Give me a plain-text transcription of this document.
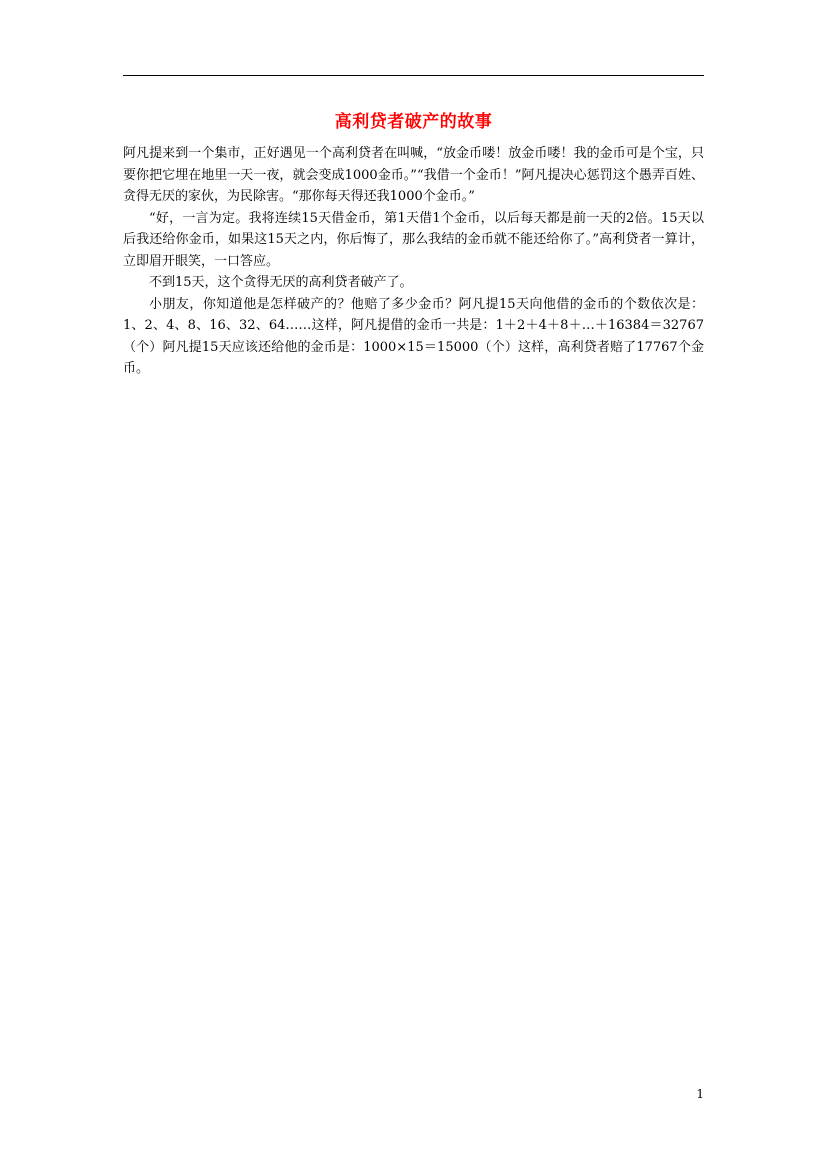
高利贷者破产的故事

阿凡提来到一个集市，正好遇见一个高利贷者在叫喊，“放金币喽！放金币喽！我的金币可是个宝，只要你把它埋在地里一天一夜，就会变成1000金币。”“我借一个金币！”阿凡提决心惩罚这个愚弄百姓、贪得无厌的家伙，为民除害。“那你每天得还我1000个金币。”

“好，一言为定。我将连续15天借金币，第1天借1个金币，以后每天都是前一天的2倍。15天以后我还给你金币，如果这15天之内，你后悔了，那么我结的金币就不能还给你了。”高利贷者一算计，立即眉开眼笑，一口答应。

不到15天，这个贪得无厌的高利贷者破产了。

小朋友，你知道他是怎样破产的？他赔了多少金币？阿凡提15天向他借的金币的个数依次是：1、2、4、8、16、32、64……这样，阿凡提借的金币一共是：1＋2＋4＋8＋…＋16384＝32767（个）阿凡提15天应该还给他的金币是：1000×15＝15000（个）这样，高利贷者赔了17767个金币。

1
